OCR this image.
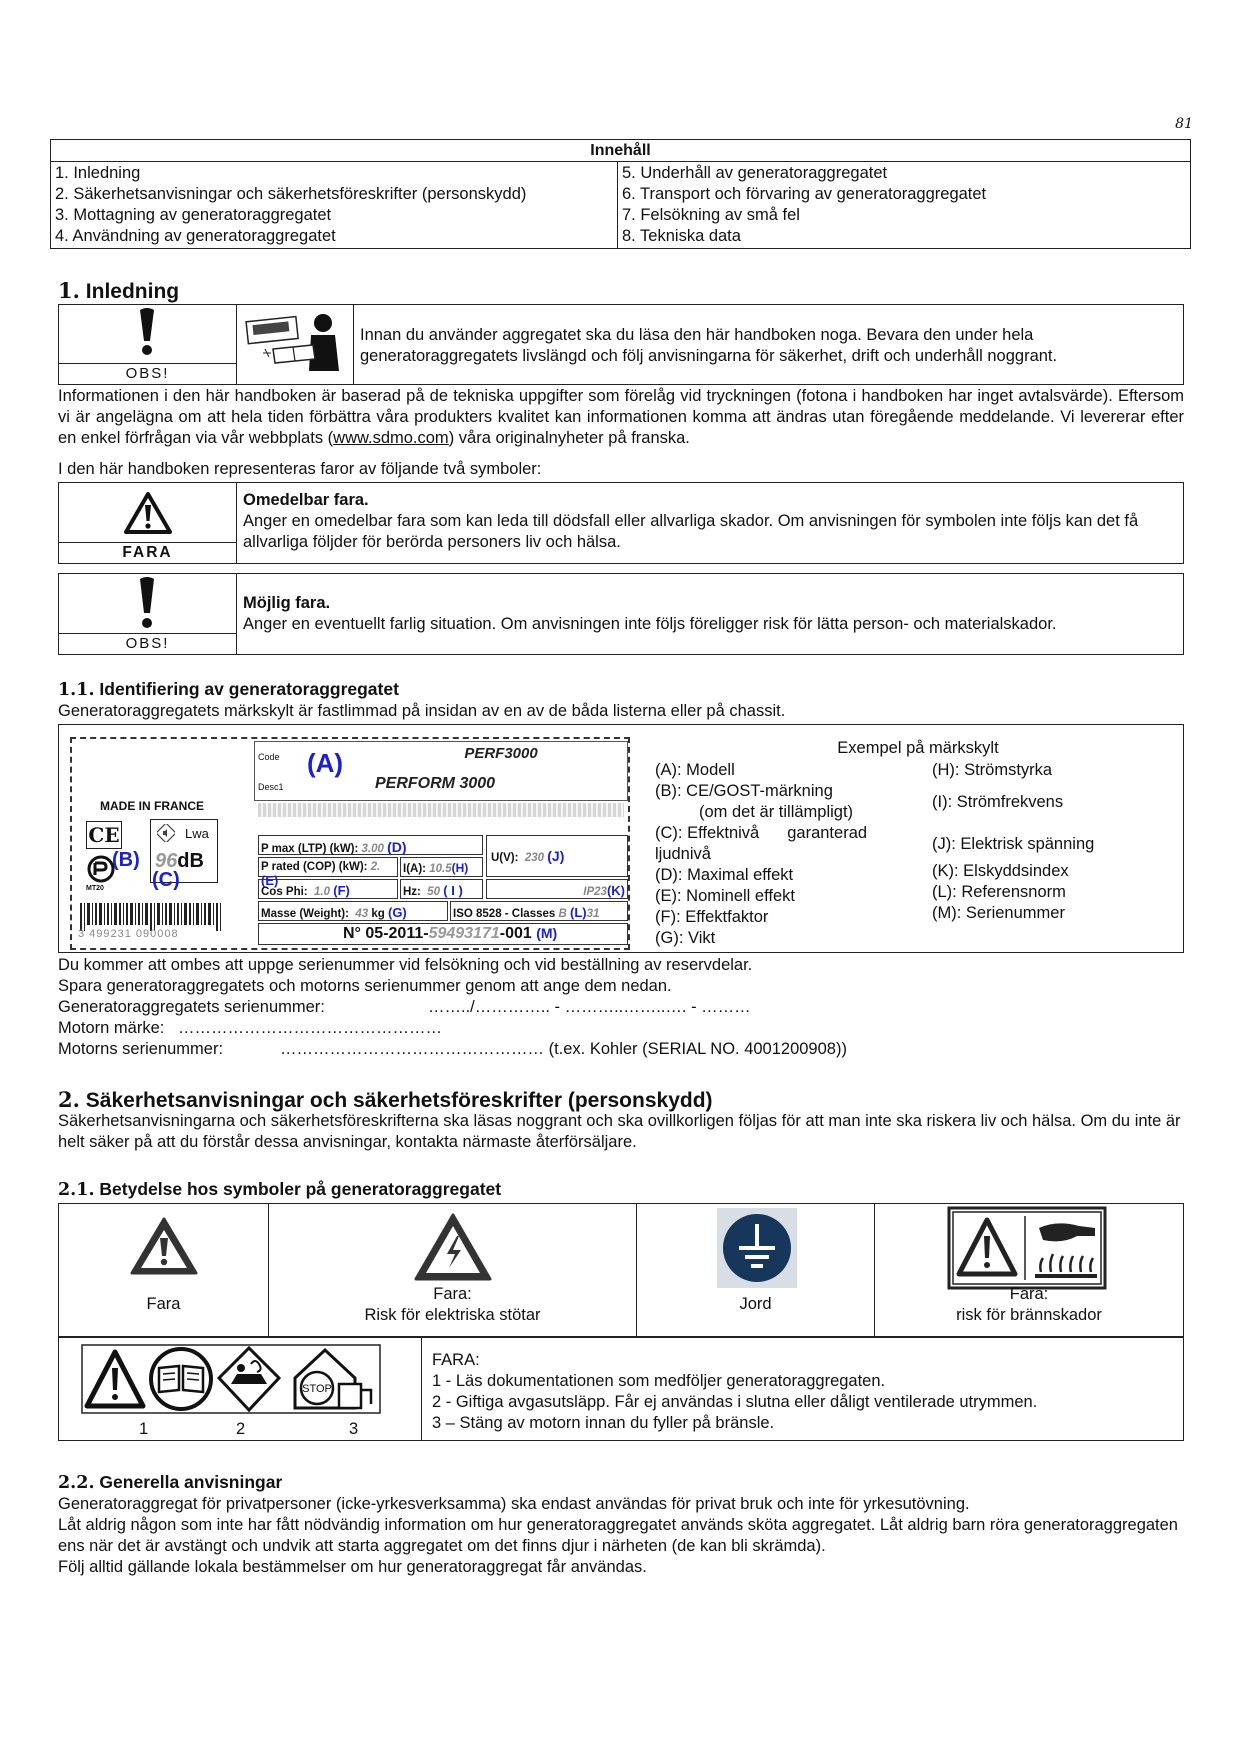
81
Innehåll

1. Inledning
2. Säkerhetsanvisningar och säkerhetsföreskrifter (personskydd)
3. Mottagning av generatoraggregatet
4. Användning av generatoraggregatet

5. Underhåll av generatoraggregatet
6. Transport och förvaring av generatoraggregatet
7. Felsökning av små fel
8. Tekniska data
1. Inledning
OBS!

	Innan du använder aggregatet ska du läsa den här handboken noga. Bevara den under hela generatoraggregatets livslängd och följ anvisningarna för säkerhet, drift och underhåll noggrant.
Informationen i den här handboken är baserad på de tekniska uppgifter som förelåg vid tryckningen (fotona i handboken har inget avtalsvärde). Eftersom vi är angelägna om att hela tiden förbättra våra produkters kvalitet kan informationen komma att ändras utan föregående meddelande. Vi levererar efter en enkel förfrågan via vår webbplats (www.sdmo.com) våra originalnyheter på franska.
I den här handboken representeras faror av följande två symboler:
FARA

Omedelbar fara.
Anger en omedelbar fara som kan leda till dödsfall eller allvarliga skador. Om anvisningen för symbolen inte följs kan det få allvarliga följder för berörda personers liv och hälsa.
OBS!

Möjlig fara.
Anger en eventuellt farlig situation. Om anvisningen inte följs föreligger risk för lätta person- och materialskador.
1.1. Identifiering av generatoraggregatet
Generatoraggregatets märkskylt är fastlimmad på insidan av en av de båda listerna eller på chassit.
Code
Desc1
(A)	PERF3000
PERFORM 3000
MADE IN FRANCE
CE
(B)
MT20
Lwa
96dB
(C)
P max (LTP) (kW): 3.00 (D)
U(V): 230 (J)
P rated (COP) (kW): 2.(E)
I(A): 10.5(H)
Cos Phi: 1.0 (F)	Hz: 50 ( I )	IP23(K)
Masse (Weight): 43 kg (G)	ISO 8528 - Classes B (L)31
N° 05-2011-59493171-001 (M)
3 499231 090008
Exempel på märkskylt
(A): Modell
(B): CE/GOST-märkning
(om det är tillämpligt)
(C): Effektnivå garanterad
ljudnivå
(D): Maximal effekt
(E): Nominell effekt
(F): Effektfaktor
(G): Vikt
(H): Strömstyrka
(I): Strömfrekvens
(J): Elektrisk spänning
(K): Elskyddsindex
(L): Referensnorm
(M): Serienummer
Du kommer att ombes att uppge serienummer vid felsökning och vid beställning av reservdelar.
Spara generatoraggregatets och motorns serienummer genom att ange dem nedan.
Generatoraggregatets serienummer:	……../………….. - ………..……..…. - ………
Motorn märke: …………………………………………
Motorns serienummer:	………………………………………… (t.ex. Kohler (SERIAL NO. 4001200908))
2. Säkerhetsanvisningar och säkerhetsföreskrifter (personskydd)
Säkerhetsanvisningarna och säkerhetsföreskrifterna ska läsas noggrant och ska ovillkorligen följas för att man inte ska riskera liv och hälsa. Om du inte är helt säker på att du förstår dessa anvisningar, kontakta närmaste återförsäljare.
2.1. Betydelse hos symboler på generatoraggregatet
Fara

Fara:
Risk för elektriska stötar

Jord

Fara:
risk för brännskador
STOP
1	2	3

FARA:
1 - Läs dokumentationen som medföljer generatoraggregaten.
2 - Giftiga avgasutsläpp. Får ej användas i slutna eller dåligt ventilerade utrymmen.
3 – Stäng av motorn innan du fyller på bränsle.
2.2. Generella anvisningar
Generatoraggregat för privatpersoner (icke-yrkesverksamma) ska endast användas för privat bruk och inte för yrkesutövning.
Låt aldrig någon som inte har fått nödvändig information om hur generatoraggregatet används sköta aggregatet. Låt aldrig barn röra generatoraggregaten ens när det är avstängt och undvik att starta aggregatet om det finns djur i närheten (de kan bli skrämda).
Följ alltid gällande lokala bestämmelser om hur generatoraggregat får användas.
